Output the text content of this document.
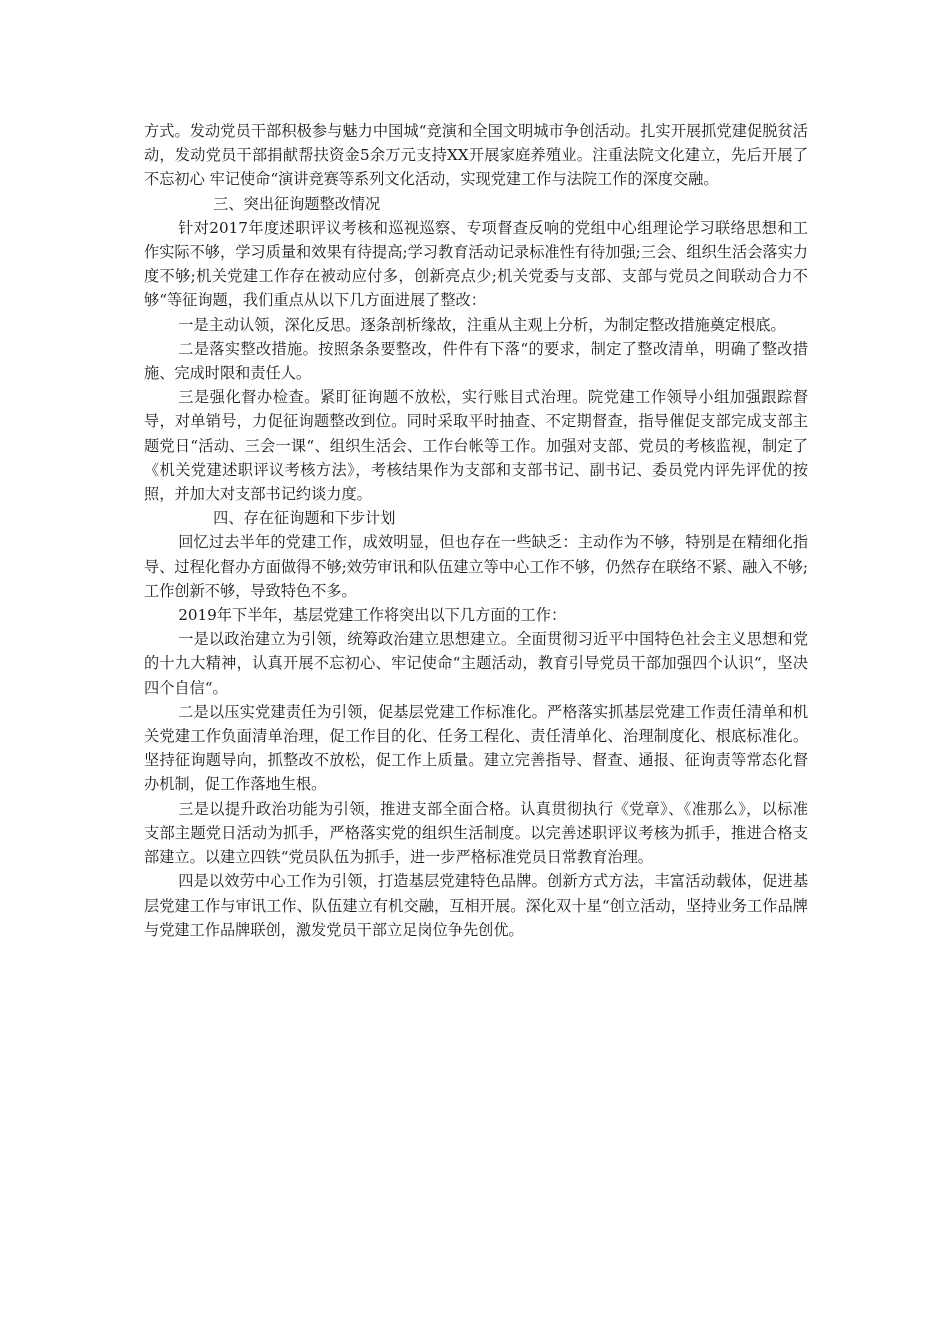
方式。发动党员干部积极参与魅力中国城“竞演和全国文明城市争创活动。扎实开展抓党建促脱贫活动，发动党员干部捐献帮扶资金5余万元支持XX开展家庭养殖业。注重法院文化建立，先后开展了不忘初心 牢记使命“演讲竞赛等系列文化活动，实现党建工作与法院工作的深度交融。

三、突出征询题整改情况

针对2017年度述职评议考核和巡视巡察、专项督查反响的党组中心组理论学习联络思想和工作实际不够，学习质量和效果有待提高;学习教育活动记录标准性有待加强;三会、组织生活会落实力度不够;机关党建工作存在被动应付多，创新亮点少;机关党委与支部、支部与党员之间联动合力不够“等征询题，我们重点从以下几方面进展了整改：

一是主动认领，深化反思。逐条剖析缘故，注重从主观上分析，为制定整改措施奠定根底。

二是落实整改措施。按照条条要整改，件件有下落“的要求，制定了整改清单，明确了整改措施、完成时限和责任人。

三是强化督办检查。紧盯征询题不放松，实行账目式治理。院党建工作领导小组加强跟踪督导，对单销号，力促征询题整改到位。同时采取平时抽查、不定期督查，指导催促支部完成支部主题党日“活动、三会一课“、组织生活会、工作台帐等工作。加强对支部、党员的考核监视，制定了《机关党建述职评议考核方法》，考核结果作为支部和支部书记、副书记、委员党内评先评优的按照，并加大对支部书记约谈力度。

四、存在征询题和下步计划

回忆过去半年的党建工作，成效明显，但也存在一些缺乏：主动作为不够，特别是在精细化指导、过程化督办方面做得不够;效劳审讯和队伍建立等中心工作不够，仍然存在联络不紧、融入不够;工作创新不够，导致特色不多。

2019年下半年，基层党建工作将突出以下几方面的工作：

一是以政治建立为引领，统筹政治建立思想建立。全面贯彻习近平中国特色社会主义思想和党的十九大精神，认真开展不忘初心、牢记使命“主题活动，教育引导党员干部加强四个认识“，坚决四个自信“。

二是以压实党建责任为引领，促基层党建工作标准化。严格落实抓基层党建工作责任清单和机关党建工作负面清单治理，促工作目的化、任务工程化、责任清单化、治理制度化、根底标准化。坚持征询题导向，抓整改不放松，促工作上质量。建立完善指导、督查、通报、征询责等常态化督办机制，促工作落地生根。

三是以提升政治功能为引领，推进支部全面合格。认真贯彻执行《党章》、《准那么》，以标准支部主题党日活动为抓手，严格落实党的组织生活制度。以完善述职评议考核为抓手，推进合格支部建立。以建立四铁“党员队伍为抓手，进一步严格标准党员日常教育治理。

四是以效劳中心工作为引领，打造基层党建特色品牌。创新方式方法，丰富活动载体，促进基层党建工作与审讯工作、队伍建立有机交融，互相开展。深化双十星“创立活动，坚持业务工作品牌与党建工作品牌联创，激发党员干部立足岗位争先创优。
